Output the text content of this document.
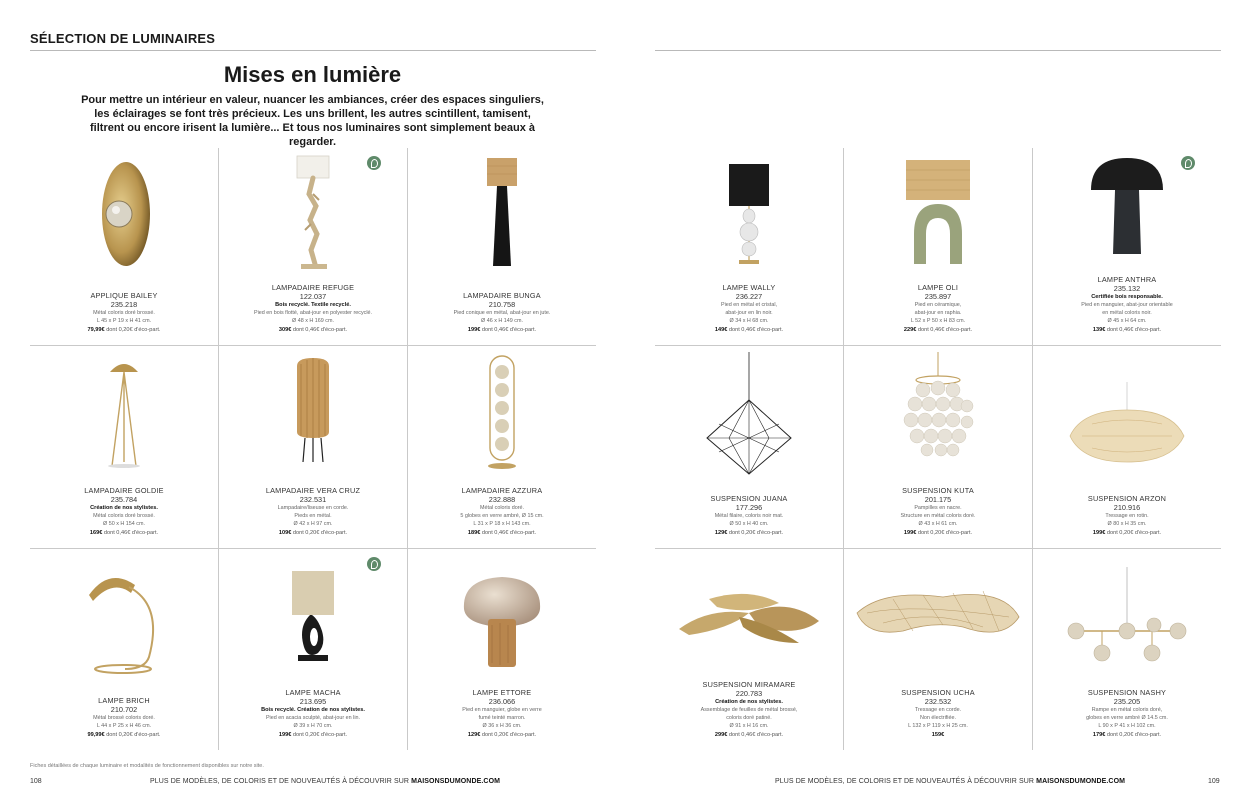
SÉLECTION DE LUMINAIRES
Mises en lumière
Pour mettre un intérieur en valeur, nuancer les ambiances, créer des espaces singuliers, les éclairages se font très précieux. Les uns brillent, les autres scintillent, tamisent, filtrent ou encore irisent la lumière... Et tous nos luminaires sont simplement beaux à regarder.
APPLIQUE BAILEY
235.218
Métal coloris doré brossé.
L 45 x P 19 x H 41 cm.
79,99€ dont 0,20€ d'éco-part.
LAMPADAIRE REFUGE
122.037
Bois recyclé. Textile recyclé.
Pied en bois flotté, abat-jour en polyester recyclé.
Ø 48 x H 169 cm.
309€ dont 0,46€ d'éco-part.
LAMPADAIRE BUNGA
210.758
Pied conique en métal, abat-jour en jute.
Ø 46 x H 149 cm.
199€ dont 0,46€ d'éco-part.
LAMPADAIRE GOLDIE
235.784
Création de nos stylistes.
Métal coloris doré brossé.
Ø 50 x H 154 cm.
169€ dont 0,46€ d'éco-part.
LAMPADAIRE VERA CRUZ
232.531
Lampadaire/liseuse en corde.
Pieds en métal.
Ø 42 x H 97 cm.
109€ dont 0,20€ d'éco-part.
LAMPADAIRE AZZURA
232.888
Métal coloris doré.
5 globes en verre ambré, Ø 15 cm.
L 31 x P 18 x H 143 cm.
189€ dont 0,46€ d'éco-part.
LAMPE BRICH
210.702
Métal brossé coloris doré.
L 44 x P 25 x H 46 cm.
99,99€ dont 0,20€ d'éco-part.
LAMPE MACHA
213.695
Bois recyclé. Création de nos stylistes.
Pied en acacia sculpté, abat-jour en lin.
Ø 39 x H 70 cm.
199€ dont 0,20€ d'éco-part.
LAMPE ETTORE
236.066
Pied en manguier, globe en verre
fumé teinté marron.
Ø 36 x H 36 cm.
129€ dont 0,20€ d'éco-part.
Fiches détaillées de chaque luminaire et modalités de fonctionnement disponibles sur notre site.
108	PLUS DE MODÈLES, DE COLORIS ET DE NOUVEAUTÉS À DÉCOUVRIR SUR MAISONSDUMONDE.COM
LAMPE WALLY
236.227
Pied en métal et cristal,
abat-jour en lin noir.
Ø 34 x H 68 cm.
149€ dont 0,46€ d'éco-part.
LAMPE OLI
235.897
Pied en céramique,
abat-jour en raphia.
L 52 x P 50 x H 83 cm.
229€ dont 0,46€ d'éco-part.
LAMPE ANTHRA
235.132
Certifiée bois responsable.
Pied en manguier, abat-jour orientable
en métal coloris noir.
Ø 45 x H 64 cm.
139€ dont 0,46€ d'éco-part.
SUSPENSION JUANA
177.296
Métal filaire, coloris noir mat.
Ø 50 x H 40 cm.
129€ dont 0,20€ d'éco-part.
SUSPENSION KUTA
201.175
Pampilles en nacre.
Structure en métal coloris doré.
Ø 43 x H 61 cm.
199€ dont 0,20€ d'éco-part.
SUSPENSION ARZON
210.916
Tressage en rotin.
Ø 80 x H 35 cm.
199€ dont 0,20€ d'éco-part.
SUSPENSION MIRAMARE
220.783
Création de nos stylistes.
Assemblage de feuilles de métal brossé,
coloris doré patiné.
Ø 91 x H 16 cm.
299€ dont 0,46€ d'éco-part.
SUSPENSION UCHA
232.532
Tressage en corde.
Non électrifiée.
L 132 x P 119 x H 25 cm.
159€
SUSPENSION NASHY
235.205
Rampe en métal coloris doré,
globes en verre ambré Ø 14.5 cm.
L 90 x P 41 x H 102 cm.
179€ dont 0,20€ d'éco-part.
PLUS DE MODÈLES, DE COLORIS ET DE NOUVEAUTÉS À DÉCOUVRIR SUR MAISONSDUMONDE.COM	109
